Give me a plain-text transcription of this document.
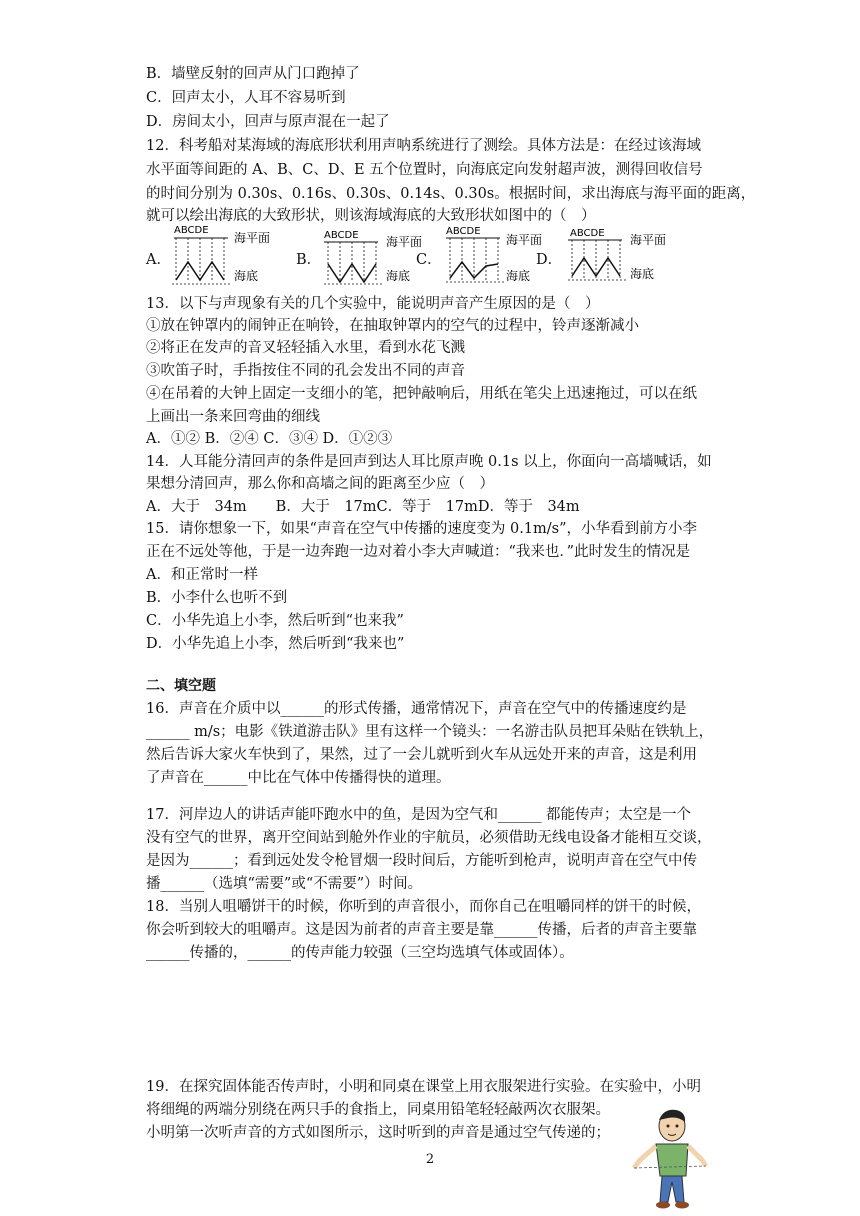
B．墙壁反射的回声从门口跑掉了
C．回声太小，人耳不容易听到
D．房间太小，回声与原声混在一起了
12．科考船对某海域的海底形状利用声呐系统进行了测绘。具体方法是：在经过该海域
水平面等间距的 A、B、C、D、E 五个位置时，向海底定向发射超声波，测得回收信号
的时间分别为 0.30s、0.16s、0.30s、0.14s、0.30s。根据时间，求出海底与海平面的距离，
就可以绘出海底的大致形状，则该海域海底的大致形状如图中的（　）
A．
ABCDE
海平面
海底
B．
ABCDE 海平面
海底
C．
ABCDE
海平面
海底
D．
ABCDE 海平面
海底
13．以下与声现象有关的几个实验中，能说明声音产生原因的是（　）
①放在钟罩内的闹钟正在响铃，在抽取钟罩内的空气的过程中，铃声逐渐减小
②将正在发声的音叉轻轻插入水里，看到水花飞溅
③吹笛子时，手指按住不同的孔会发出不同的声音
④在吊着的大钟上固定一支细小的笔，把钟敲响后，用纸在笔尖上迅速拖过，可以在纸
上画出一条来回弯曲的细线
A．①② B．②④ C．③④ D．①②③
14．人耳能分清回声的条件是回声到达人耳比原声晚 0.1s 以上，你面向一高墙喊话，如
果想分清回声，那么你和高墙之间的距离至少应（　）
A．大于　34m　　B．大于　17mC．等于　17mD．等于　34m
15．请你想象一下，如果“声音在空气中传播的速度变为 0.1m/s”，小华看到前方小李
正在不远处等他，于是一边奔跑一边对着小李大声喊道：“我来也．”此时发生的情况是
A．和正常时一样
B．小李什么也听不到
C．小华先追上小李，然后听到“也来我”
D．小华先追上小李，然后听到“我来也”
二、填空题
16．声音在介质中以______的形式传播，通常情况下，声音在空气中的传播速度约是
______ m/s；电影《铁道游击队》里有这样一个镜头：一名游击队员把耳朵贴在铁轨上，
然后告诉大家火车快到了，果然，过了一会儿就听到火车从远处开来的声音，这是利用
了声音在______中比在气体中传播得快的道理。
17．河岸边人的讲话声能吓跑水中的鱼，是因为空气和______ 都能传声；太空是一个
没有空气的世界，离开空间站到舱外作业的宇航员，必须借助无线电设备才能相互交谈，
是因为______；看到远处发令枪冒烟一段时间后，方能听到枪声，说明声音在空气中传
播______（选填“需要”或“不需要”）时间。
18．当别人咀嚼饼干的时候，你听到的声音很小，而你自己在咀嚼同样的饼干的时候，
你会听到较大的咀嚼声。这是因为前者的声音主要是靠______传播，后者的声音主要靠
______传播的，______的传声能力较强（三空均选填气体或固体）。
19．在探究固体能否传声时，小明和同桌在课堂上用衣服架进行实验。在实验中，小明
将细绳的两端分别绕在两只手的食指上，同桌用铅笔轻轻敲两次衣服架。
小明第一次听声音的方式如图所示，这时听到的声音是通过空气传递的；
2
